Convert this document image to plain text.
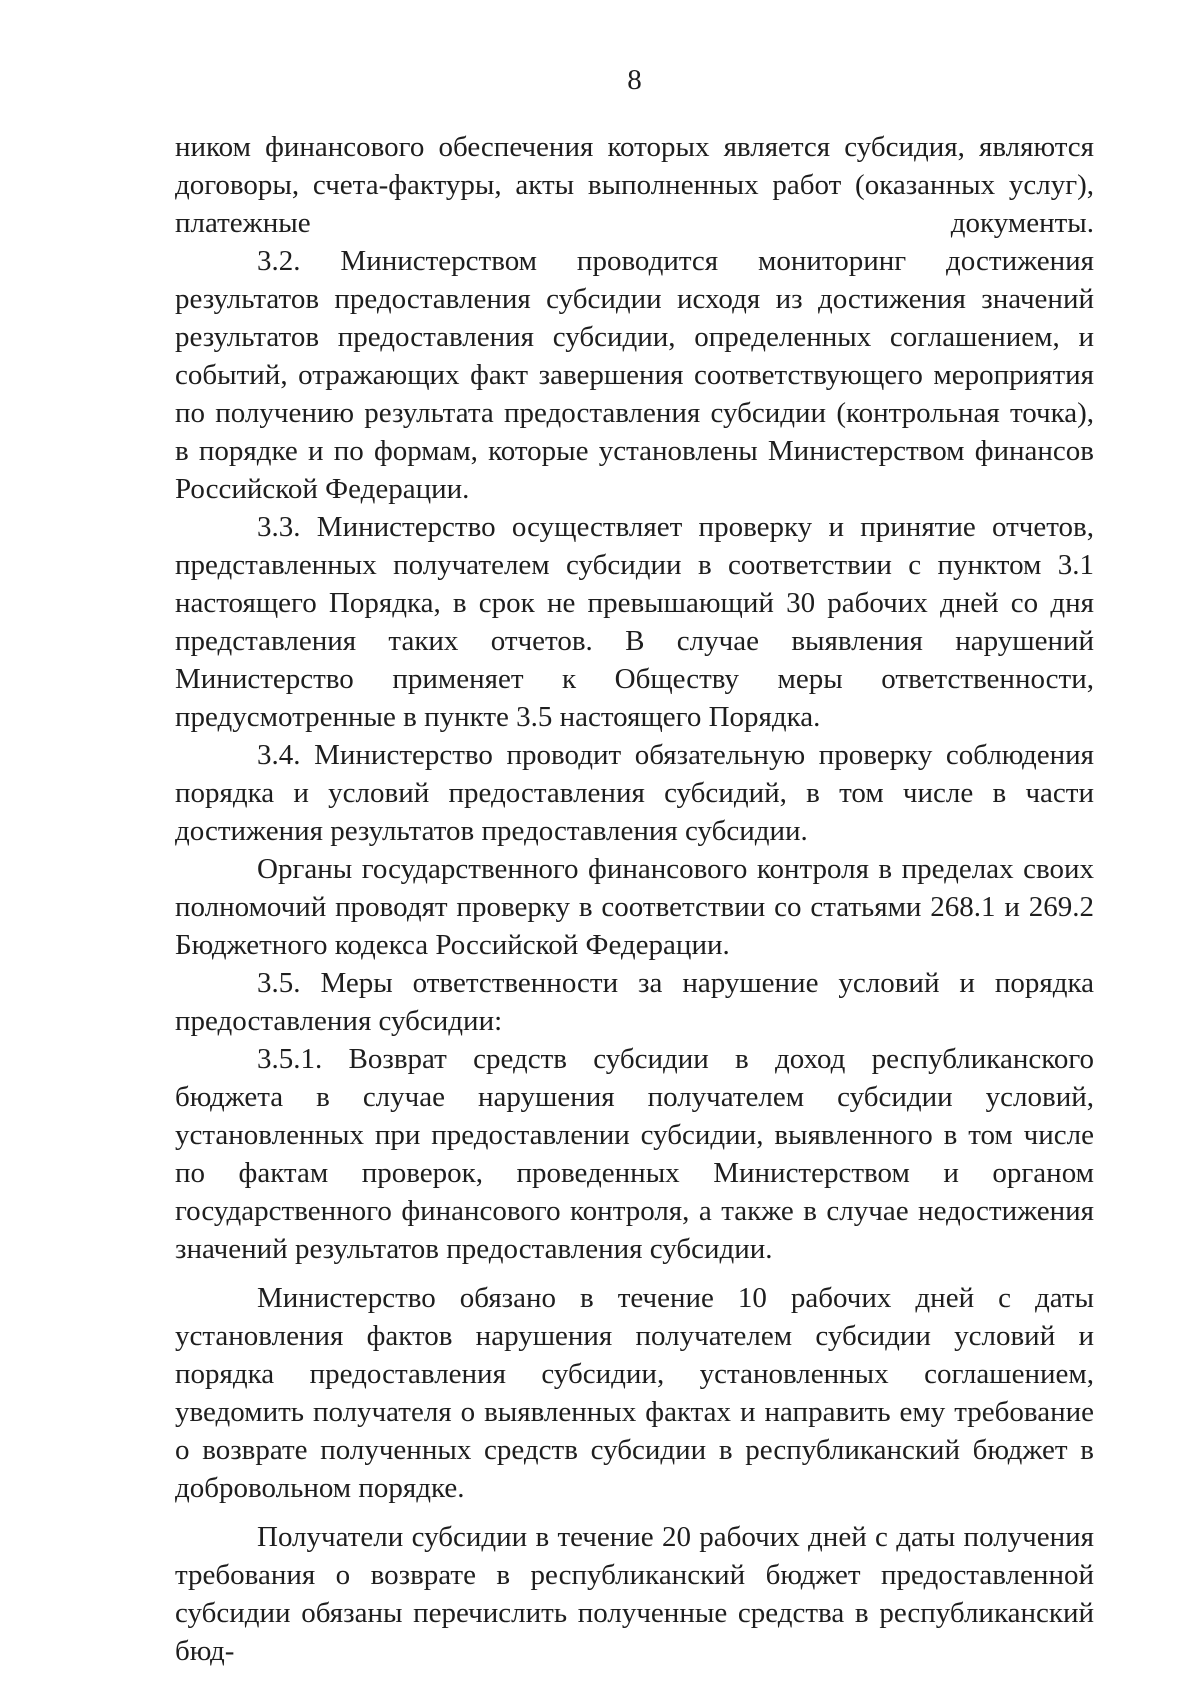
8

ником финансового обеспечения которых является субсидия, являются договоры, счета-фактуры, акты выполненных работ (оказанных услуг), платежные документы.

3.2. Министерством проводится мониторинг достижения результатов предоставления субсидии исходя из достижения значений результатов предоставления субсидии, определенных соглашением, и событий, отражающих факт завершения соответствующего мероприятия по получению результата предоставления субсидии (контрольная точка), в порядке и по формам, которые установлены Министерством финансов Российской Федерации.

3.3. Министерство осуществляет проверку и принятие отчетов, представленных получателем субсидии в соответствии с пунктом 3.1 настоящего Порядка, в срок не превышающий 30 рабочих дней со дня представления таких отчетов. В случае выявления нарушений Министерство применяет к Обществу меры ответственности, предусмотренные в пункте 3.5 настоящего Порядка.

3.4. Министерство проводит обязательную проверку соблюдения порядка и условий предоставления субсидий, в том числе в части достижения результатов предоставления субсидии.

Органы государственного финансового контроля в пределах своих полномочий проводят проверку в соответствии со статьями 268.1 и 269.2 Бюджетного кодекса Российской Федерации.

3.5. Меры ответственности за нарушение условий и порядка предоставления субсидии:

3.5.1. Возврат средств субсидии в доход республиканского бюджета в случае нарушения получателем субсидии условий, установленных при предоставлении субсидии, выявленного в том числе по фактам проверок, проведенных Министерством и органом государственного финансового контроля, а также в случае недостижения значений результатов предоставления субсидии.

Министерство обязано в течение 10 рабочих дней с даты установления фактов нарушения получателем субсидии условий и порядка предоставления субсидии, установленных соглашением, уведомить получателя о выявленных фактах и направить ему требование о возврате полученных средств субсидии в республиканский бюджет в добровольном порядке.

Получатели субсидии в течение 20 рабочих дней с даты получения требования о возврате в республиканский бюджет предоставленной субсидии обязаны перечислить полученные средства в республиканский бюд-
